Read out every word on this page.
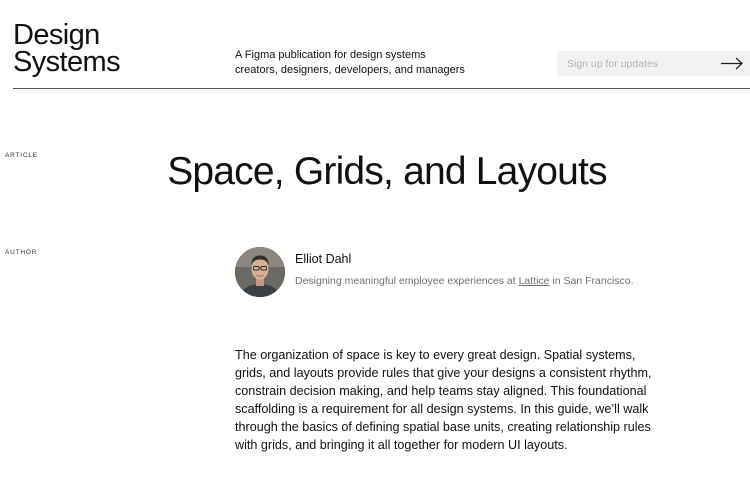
Design
Systems	A Figma publication for design systems
creators, designers, developers, and managers
Sign up for updates
ARTICLE	Space, Grids, and Layouts
AUTHOR	Elliot Dahl
Designing meaningful employee experiences at Lattice in San Francisco.

The organization of space is key to every great design. Spatial systems, grids, and layouts provide rules that give your designs a consistent rhythm, constrain decision making, and help teams stay aligned. This foundational scaffolding is a requirement for all design systems. In this guide, we’ll walk through the basics of defining spatial base units, creating relationship rules with grids, and bringing it all together for modern UI layouts.
